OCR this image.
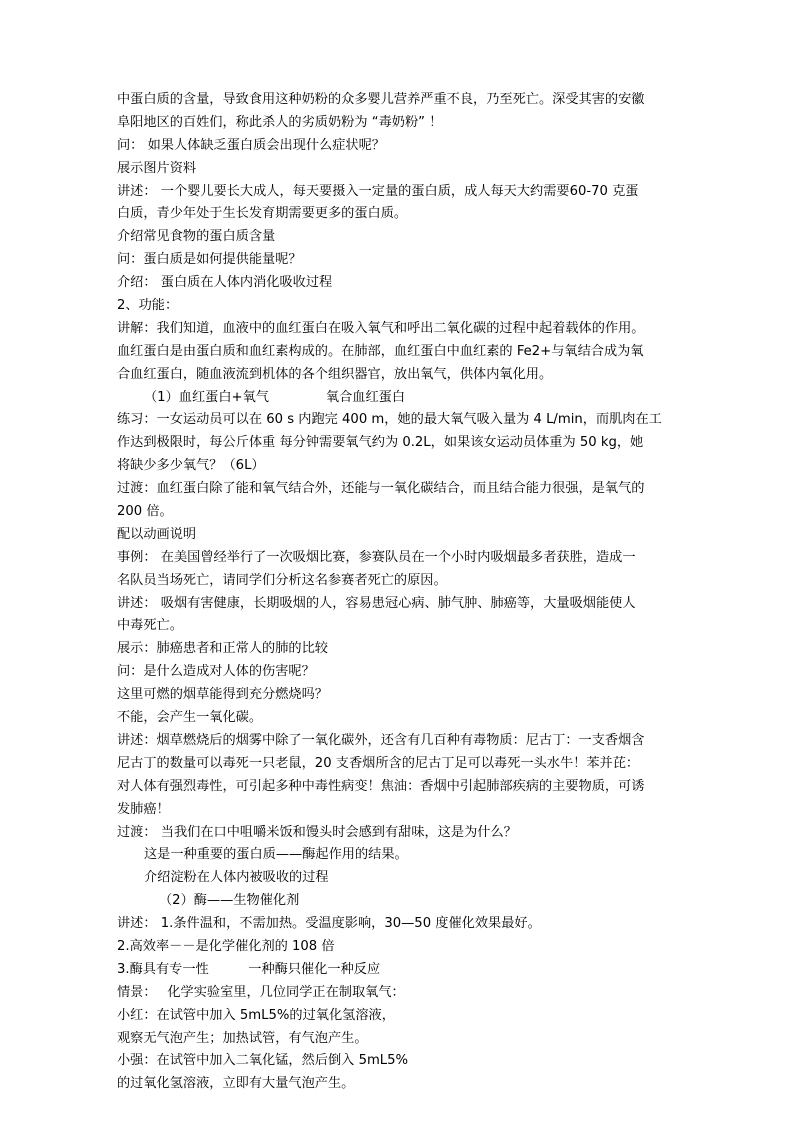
中蛋白质的含量，导致食用这种奶粉的众多婴儿营养严重不良，乃至死亡。深受其害的安徽
阜阳地区的百姓们，称此杀人的劣质奶粉为 “毒奶粉” ！
问： 如果人体缺乏蛋白质会出现什么症状呢？
展示图片资料
讲述： 一个婴儿要长大成人，每天要摄入一定量的蛋白质，成人每天大约需要60-70 克蛋
白质，青少年处于生长发育期需要更多的蛋白质。
介绍常见食物的蛋白质含量
问：蛋白质是如何提供能量呢？
介绍： 蛋白质在人体内消化吸收过程
2、功能：
讲解：我们知道，血液中的血红蛋白在吸入氧气和呼出二氧化碳的过程中起着载体的作用。
血红蛋白是由蛋白质和血红素构成的。在肺部，血红蛋白中血红素的 Fe2+与氧结合成为氧
合血红蛋白，随血液流到机体的各个组织器官，放出氧气，供体内氧化用。
（1）血红蛋白+氧气　　　　 氧合血红蛋白
练习：一女运动员可以在 60 s 内跑完 400 m，她的最大氧气吸入量为 4 L/min，而肌肉在工
作达到极限时，每公斤体重 每分钟需要氧气约为 0.2L，如果该女运动员体重为 50 kg，她
将缺少多少氧气？（6L）
过渡：血红蛋白除了能和氧气结合外，还能与一氧化碳结合，而且结合能力很强，是氧气的
200 倍。
配以动画说明
事例： 在美国曾经举行了一次吸烟比赛，参赛队员在一个小时内吸烟最多者获胜，造成一
名队员当场死亡，请同学们分析这名参赛者死亡的原因。
讲述： 吸烟有害健康，长期吸烟的人，容易患冠心病、肺气肿、肺癌等，大量吸烟能使人
中毒死亡。
展示：肺癌患者和正常人的肺的比较
问：是什么造成对人体的伤害呢？
这里可燃的烟草能得到充分燃烧吗？
不能，会产生一氧化碳。
讲述：烟草燃烧后的烟雾中除了一氧化碳外，还含有几百种有毒物质：尼古丁：一支香烟含
尼古丁的数量可以毒死一只老鼠，20 支香烟所含的尼古丁足可以毒死一头水牛！苯并芘：
对人体有强烈毒性，可引起多种中毒性病变！焦油：香烟中引起肺部疾病的主要物质，可诱
发肺癌！
过渡： 当我们在口中咀嚼米饭和馒头时会感到有甜味，这是为什么？
这是一种重要的蛋白质——酶起作用的结果。
介绍淀粉在人体内被吸收的过程
（2）酶——生物催化剂
讲述： 1.条件温和，不需加热。受温度影响，30—50 度催化效果最好。
2.高效率－－是化学催化剂的 108 倍
3.酶具有专一性　　　一种酶只催化一种反应
情景：　 化学实验室里，几位同学正在制取氧气：
小红：在试管中加入 5mL5%的过氧化氢溶液，
观察无气泡产生；加热试管，有气泡产生。
小强：在试管中加入二氧化锰，然后倒入 5mL5%
的过氧化氢溶液，立即有大量气泡产生。
